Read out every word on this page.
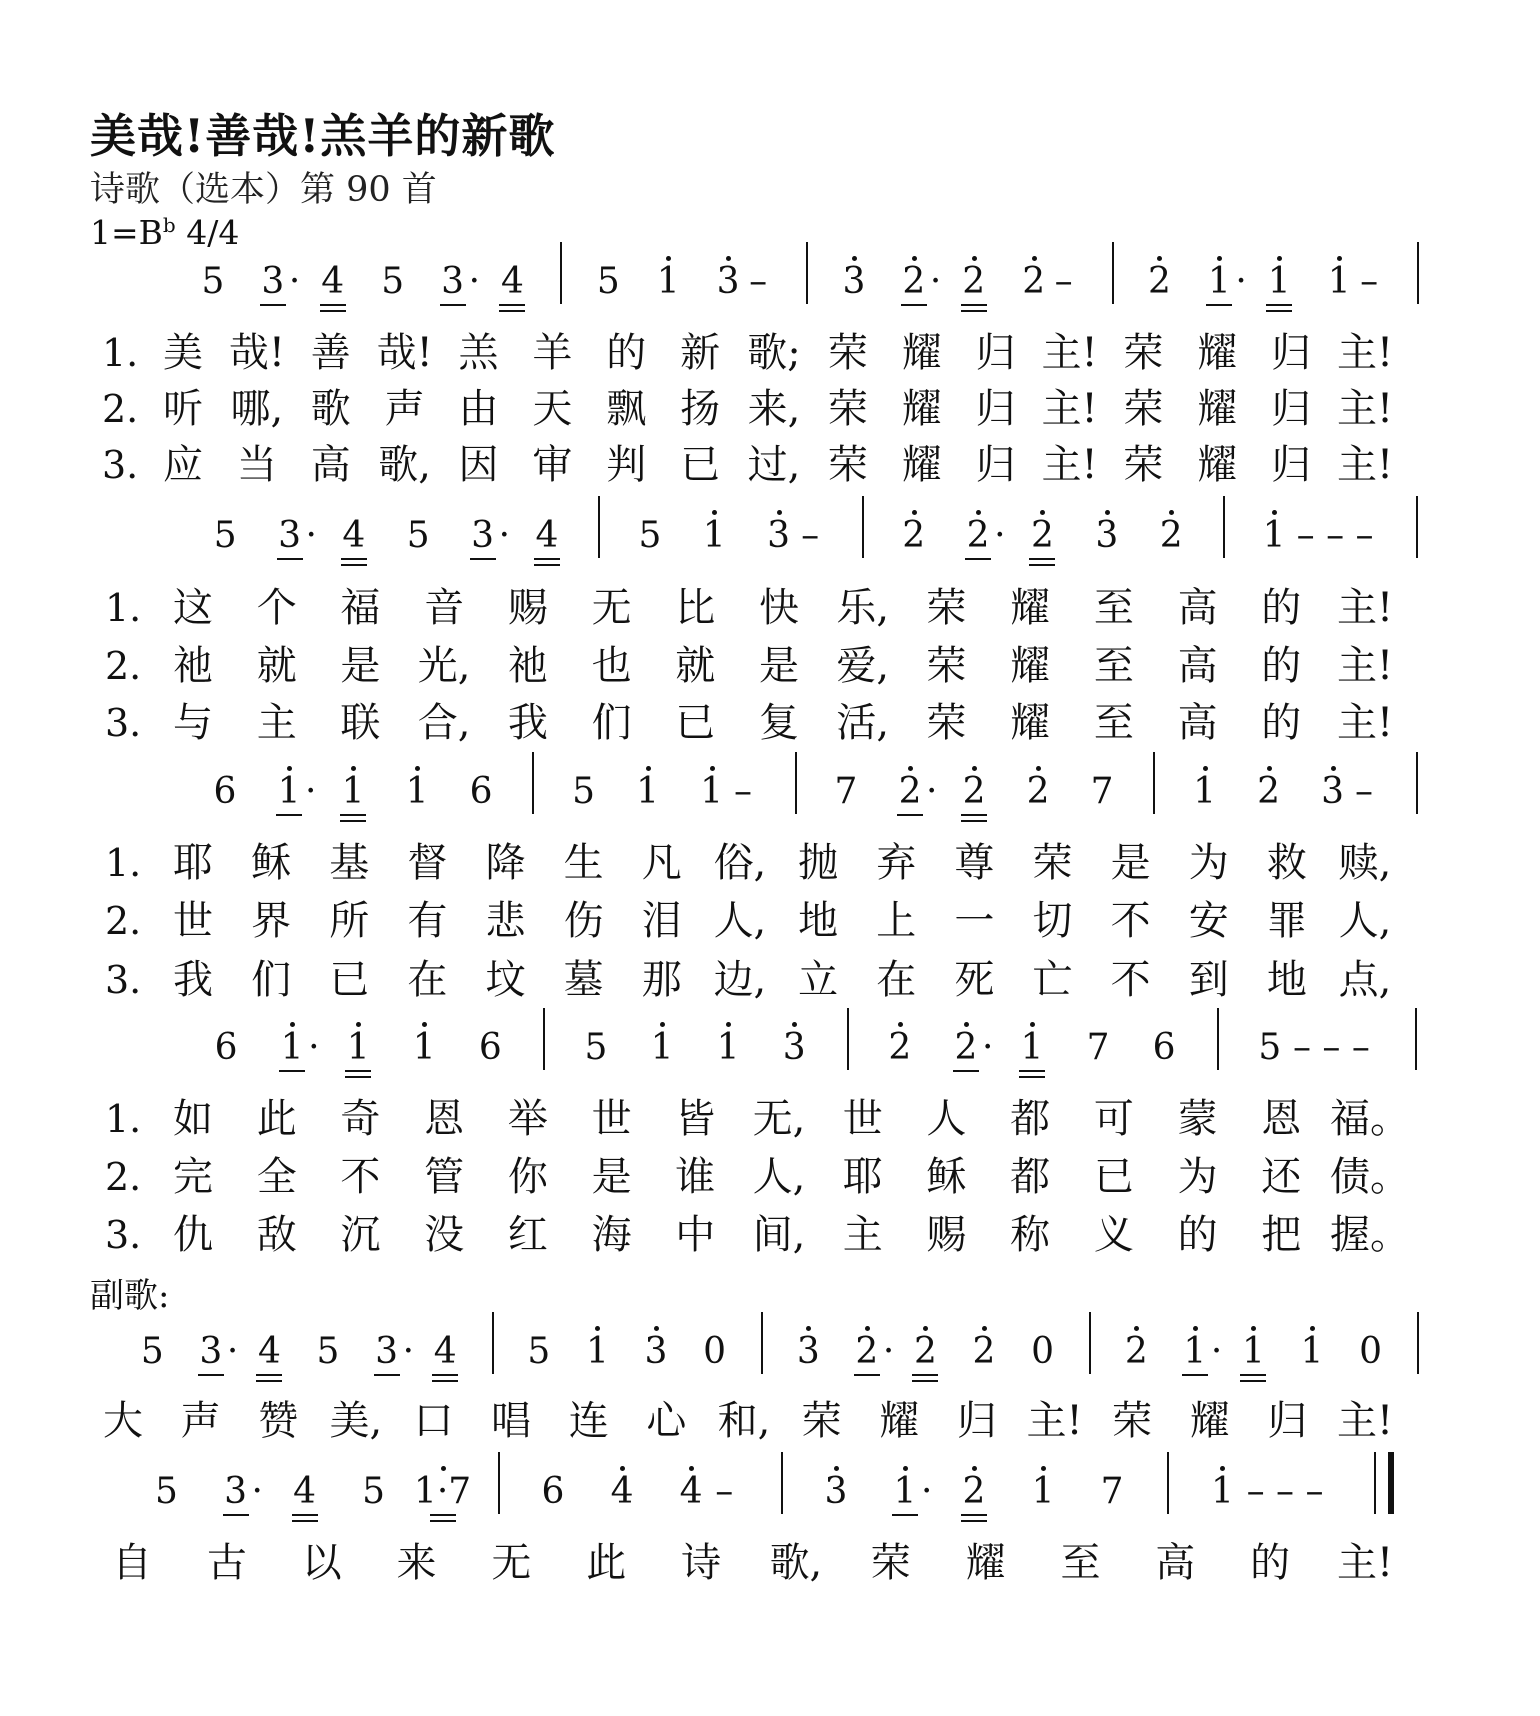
美哉!善哉!羔羊的新歌
诗歌（选本）第 90 首
$1=B^b$ 4/4
副歌:
5	3 · 4	5	3 · 4	5	1	3 –	3	2 · 2	2 –	2	1 · 1	1 –
1. 美 哉! 善 哉! 羔 羊 的 新 歌; 荣 耀 归 主! 荣 耀 归 主!
2. 听 哪, 歌 声 由 天 飘 扬 来, 荣 耀 归 主! 荣 耀 归 主!
3. 应 当 高 歌, 因 审 判 已 过, 荣 耀 归 主! 荣 耀 归 主!
5	3 · 4	5	3 · 4	5	1	3 –	2	2 · 2	3	2	1 – – –
1. 这	个	福	音	赐	无	比	快 乐, 荣	耀	至	高	的 主!
2. 祂	就	是 光, 祂	也	就	是 爱, 荣	耀	至	高	的 主!
3. 与	主	联 合, 我	们	已	复 活, 荣	耀	至	高	的 主!
6	1 · 1	1	6	5	1	1 –	7	2 · 2	2	7	1	2	3 –
1. 耶 稣 基 督 降 生 凡 俗, 抛 弃 尊 荣 是 为 救 赎,
2. 世 界 所 有 悲 伤 泪 人, 地 上 一 切 不 安 罪 人,
3. 我 们 已 在 坟 墓 那 边, 立 在 死 亡 不 到 地 点,
6	1 · 1	1	6	5	1	1	3	2	2 · 1	7	6	5 – – –
1. 如	此	奇	恩	举	世	皆 无, 世	人	都	可	蒙	恩 福。
2. 完	全	不	管	你	是	谁 人, 耶	稣	都	已	为	还 债。
3. 仇	敌	沉	没	红	海	中 间, 主	赐	称	义	的	把 握。
5 3 · 4 5 3 · 4	5 1 3 0	3 2 · 2 2 0	2 1 · 1 1 0
大 声 赞 美, 口 唱 连 心 和, 荣 耀 归 主! 荣 耀 归 主!
5	3 · 4	5 1·7	6	4	4 –	3	1 · 2	1	7	1 – – –
自	古	以	来	无	此	诗	歌,	荣	耀	至	高	的	主!
